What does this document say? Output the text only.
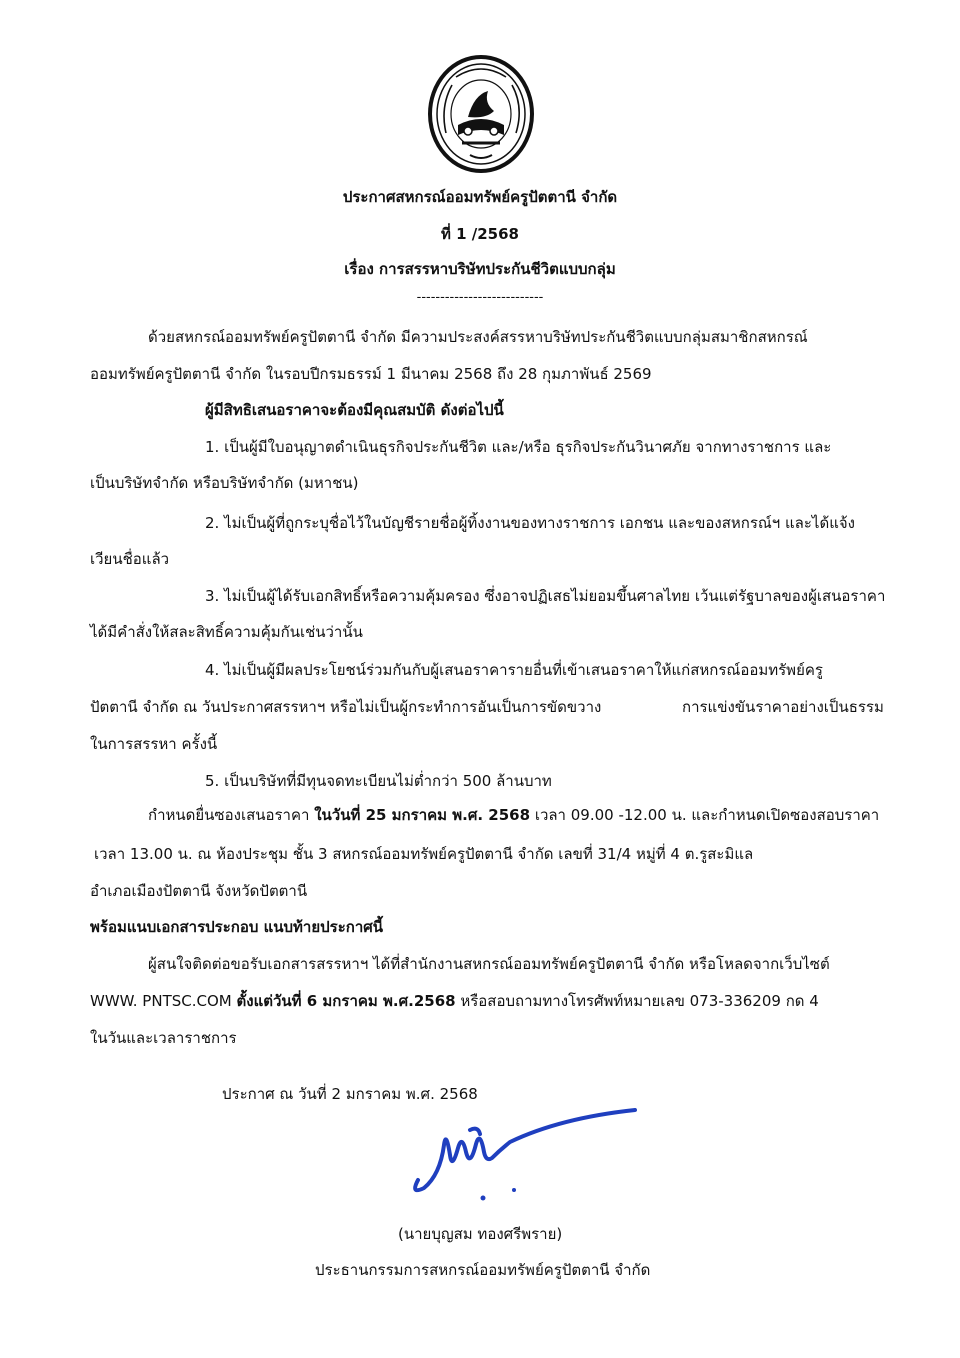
ประกาศสหกรณ์ออมทรัพย์ครูปัตตานี จำกัด
ที่ 1 /2568
เรื่อง การสรรหาบริษัทประกันชีวิตแบบกลุ่ม
---------------------------
ด้วยสหกรณ์ออมทรัพย์ครูปัตตานี จำกัด มีความประสงค์สรรหาบริษัทประกันชีวิตแบบกลุ่มสมาชิกสหกรณ์
ออมทรัพย์ครูปัตตานี จำกัด ในรอบปีกรมธรรม์ 1 มีนาคม 2568 ถึง 28 กุมภาพันธ์ 2569
ผู้มีสิทธิเสนอราคาจะต้องมีคุณสมบัติ ดังต่อไปนี้
1. เป็นผู้มีใบอนุญาตดำเนินธุรกิจประกันชีวิต และ/หรือ ธุรกิจประกันวินาศภัย จากทางราชการ และ
เป็นบริษัทจำกัด หรือบริษัทจำกัด (มหาชน)
2. ไม่เป็นผู้ที่ถูกระบุชื่อไว้ในบัญชีรายชื่อผู้ทิ้งงานของทางราชการ เอกชน และของสหกรณ์ฯ และได้แจ้ง
เวียนชื่อแล้ว
3. ไม่เป็นผู้ได้รับเอกสิทธิ์หรือความคุ้มครอง ซึ่งอาจปฏิเสธไม่ยอมขึ้นศาลไทย เว้นแต่รัฐบาลของผู้เสนอราคา
ได้มีคำสั่งให้สละสิทธิ์ความคุ้มกันเช่นว่านั้น
4. ไม่เป็นผู้มีผลประโยชน์ร่วมกันกับผู้เสนอราคารายอื่นที่เข้าเสนอราคาให้แก่สหกรณ์ออมทรัพย์ครู
ปัตตานี จำกัด ณ วันประกาศสรรหาฯ หรือไม่เป็นผู้กระทำการอันเป็นการขัดขวาง	การแข่งขันราคาอย่างเป็นธรรม
ในการสรรหา ครั้งนี้
5. เป็นบริษัทที่มีทุนจดทะเบียนไม่ต่ำกว่า 500 ล้านบาท
กำหนดยื่นซองเสนอราคา ในวันที่ 25 มกราคม พ.ศ. 2568 เวลา 09.00 -12.00 น. และกำหนดเปิดซองสอบราคา
เวลา 13.00 น. ณ ห้องประชุม ชั้น 3 สหกรณ์ออมทรัพย์ครูปัตตานี จำกัด เลขที่ 31/4 หมู่ที่ 4 ต.รูสะมิแล
อำเภอเมืองปัตตานี จังหวัดปัตตานี
พร้อมแนบเอกสารประกอบ แนบท้ายประกาศนี้
ผู้สนใจติดต่อขอรับเอกสารสรรหาฯ ได้ที่สำนักงานสหกรณ์ออมทรัพย์ครูปัตตานี จำกัด หรือโหลดจากเว็บไซต์
WWW. PNTSC.COM ตั้งแต่วันที่ 6 มกราคม พ.ศ.2568 หรือสอบถามทางโทรศัพท์หมายเลข 073-336209 กด 4
ในวันและเวลาราชการ
ประกาศ ณ วันที่ 2 มกราคม พ.ศ. 2568
(นายบุญสม ทองศรีพราย)
ประธานกรรมการสหกรณ์ออมทรัพย์ครูปัตตานี จำกัด
